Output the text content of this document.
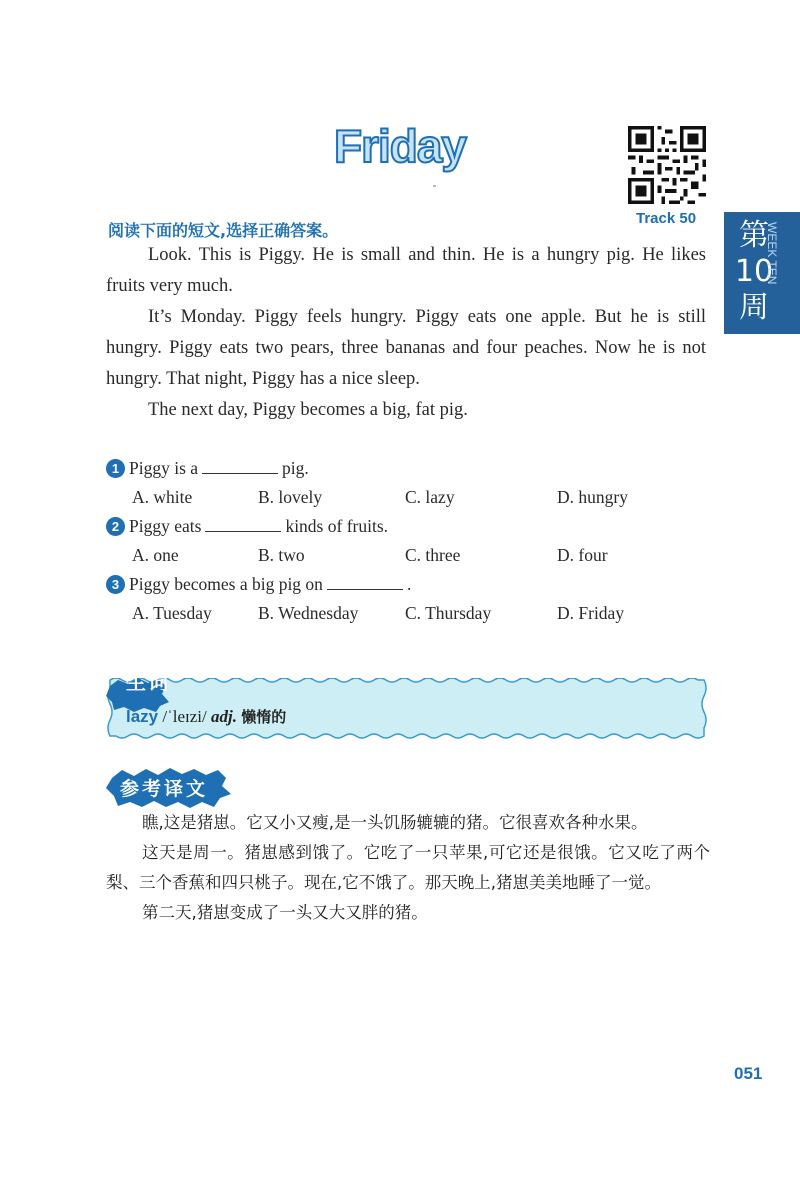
Friday
Track 50 第10周
WEEK TEN
阅读下面的短文,选择正确答案。

Look. This is Piggy. He is small and thin. He is a hungry pig. He likes fruits very much.

It’s Monday. Piggy feels hungry. Piggy eats one apple. But he is still hungry. Piggy eats two pears, three bananas and four peaches. Now he is not hungry. That night, Piggy has a nice sleep.

The next day, Piggy becomes a big, fat pig.

1 Piggy is a	pig.
A. white	B. lovely	C. lazy	D. hungry
2 Piggy eats	kinds of fruits.
A. one	B. two	C. three	D. four
3 Piggy becomes a big pig on	.
A. Tuesday	B. Wednesday	C. Thursday	D. Friday
生词
lazy /ˈleɪzi/ adj. 懒惰的
参考译文

瞧,这是猪崽。它又小又瘦,是一头饥肠辘辘的猪。它很喜欢各种水果。

这天是周一。猪崽感到饿了。它吃了一只苹果,可它还是很饿。它又吃了两个梨、三个香蕉和四只桃子。现在,它不饿了。那天晚上,猪崽美美地睡了一觉。

第二天,猪崽变成了一头又大又胖的猪。

051
